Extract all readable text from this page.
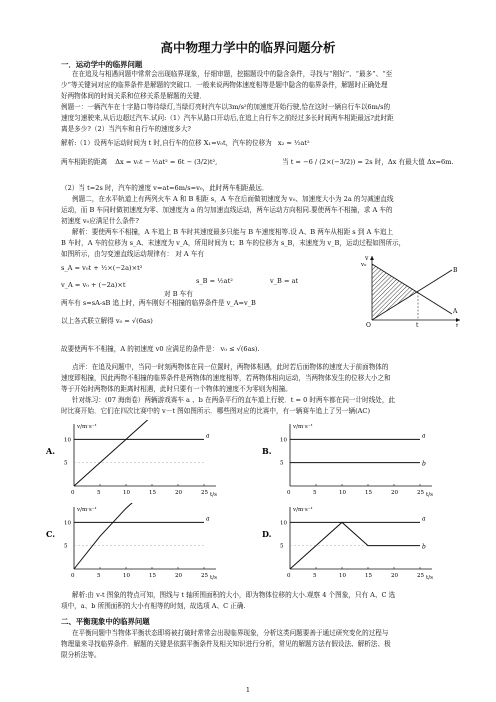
高中物理力学中的临界问题分析
一．运动学中的临界问题
在在追及与相遇问题中常常会出现临界现象，仔细审题，挖掘题设中的隐含条件，寻找与“刚好”、“最多”、“至
少”等关键词对应的临界条件是解题的突破口．一般来说两物体速度相等是题中隐含的临界条件，解题时正确处理
好两物体间的时间关系和位移关系是解题的关键．
例题一：一辆汽车在十字路口等待绿灯,当绿灯亮时汽车以3m/s²的加速度开始行驶,恰在这时一辆自行车以6m/s的
速度匀速驶来,从后边超过汽车.试问:（1）汽车从路口开动后,在追上自行车之前经过多长时间两车相距最远?此时距
离是多少?（2）当汽车和自行车的速度多大?
解析:（1）设两车运动时间为 t 时,自行车的位移 X₁=v₀t，汽车的位移为 x₂ = ½at²
两车相距的距离 Δx = v₀t − ½at² = 6t − (3/2)t²,	当 t = −6 / (2×(−3/2)) = 2s 时，Δx 有最大值 Δx=6m.
（2）当 t=2s 时，汽车的速度 v=at=6m/s=v₀，此时两车相距最远．
例题二，在水平轨道上有两列火车 A 和 B 相距 s，A 车在后面做初速度为 v₀、加速度大小为 2a 的匀减速直线
运动，而 B 车同时做初速度为零、加速度为 a 的匀加速直线运动，两车运动方向相同.要使两车不相撞，求 A 车的
初速度 v₀应满足什么条件?
解析：要使两车不相撞，A 车追上 B 车时其速度最多只能与 B 车速度相等.设 A、B 两车从相距 s 到 A 车追上
B 车时，A 车的位移为 s_A、末速度为 v_A，所用时间为 t；B 车的位移为 s_B，末速度为 v_B，运动过程如图所示，
如图所示，由匀变速直线运动规律有： 对 A 车有
s_A = v₀t + ½×(−2a)×t²
v_A = v₀ + (−2a)×t
对 B 车有
s_B = ½at²	v_B = at
v
t
O	t
v₀
A
B
两车有 s=sA-sB 追上时，两车刚好不相撞的临界条件是 v_A=v_B
以上各式联立解得 v₀ = √(6as)
故要使两车不相撞，A 的初速度 v0 应满足的条件是： v₀ ≤ √(6as).
点评：在追及问题中，当同一时刻两物体在同一位置时，两物体相遇，此时若后面物体的速度大于前面物体的
速度即相撞，因此两物不相撞的临界条件是两物体的速度相等，若两物体相向运动，当两物体发生的位移大小之和
等于开始时两物体的距离时相遇，此时只要有一个物体的速度不为零则为相撞。
针对练习：(07 海南卷）两辆游戏赛车 a 、b 在两条平行的直车道上行驶．t = 0 时两车都在同一计时线处，此
时比赛开始．它们在四次比赛中的 v－t 图如图所示．哪些图对应的比赛中，有一辆赛车追上了另一辆(AC)
A.
v/m·s⁻¹
t/s
10
5
0	5	10	15	20	25
a
B.
v/m·s⁻¹
t/s
10
5
0	5	10	15	20	25
a
b
C.
v/m·s⁻¹
t/s
10
5
0	5	10	15	20	25
a
D.
v/m·s⁻¹
t/s
10
5
0	5	10	15	20	25
a
b
解析:由 v-t 图象的特点可知，图线与 t 轴所围面积的大小，即为物体位移的大小.观察 4 个图象，只有 A、C 选
项中，a、b 所围面积的大小有相等的时刻，故选项 A、C 正确.
二、平衡现象中的临界问题
在平衡问题中当物体平衡状态即将被打破时常常会出现临界现象，分析这类问题要善于通过研究变化的过程与
物理量来寻找临界条件．解题的关键是依据平衡条件及相关知识进行分析，常见的解题方法有假设法、解析法、极
限分析法等。
1
